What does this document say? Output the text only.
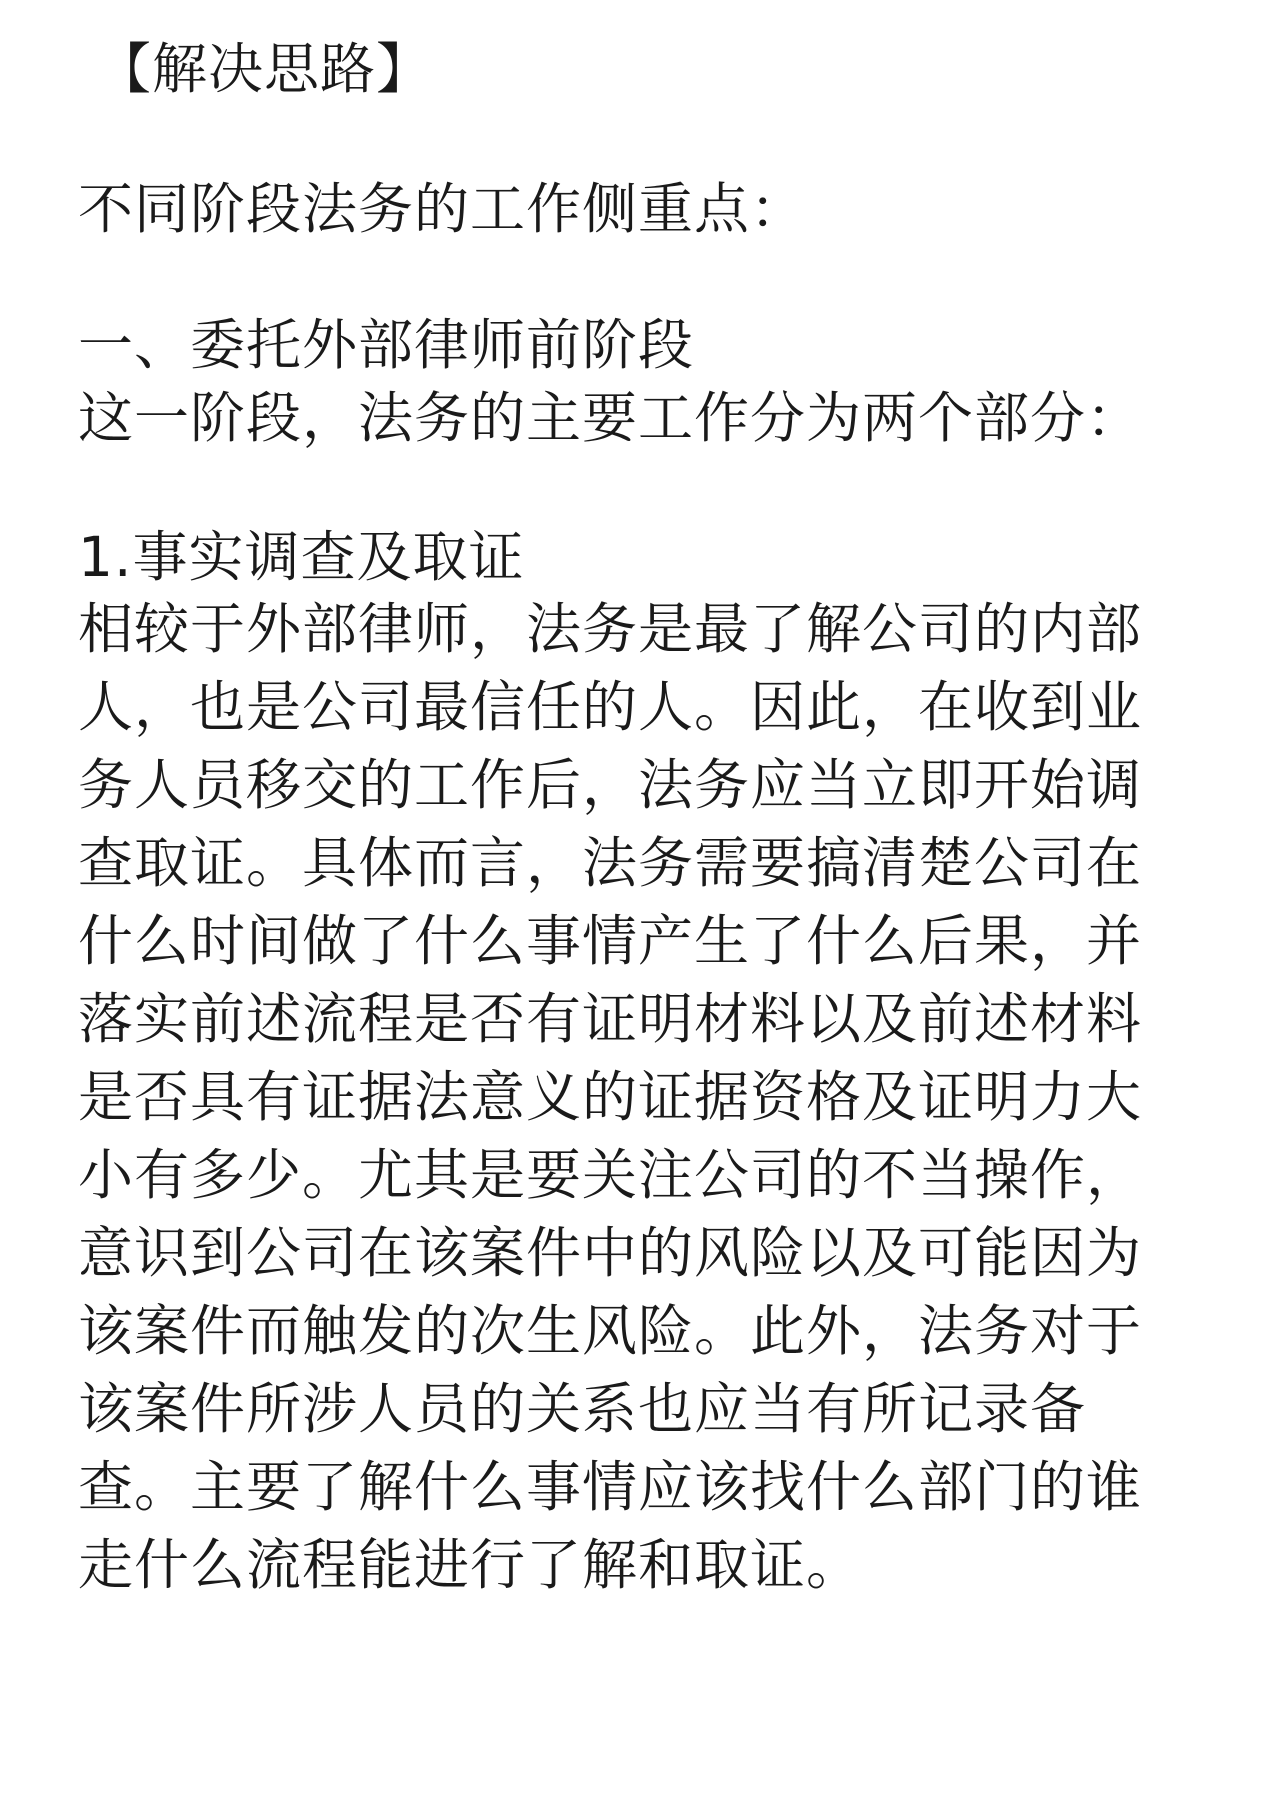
【解决思路】
不同阶段法务的工作侧重点：
一、委托外部律师前阶段
这一阶段，法务的主要工作分为两个部分：
1.事实调查及取证
相较于外部律师，法务是最了解公司的内部
人，也是公司最信任的人。因此，在收到业
务人员移交的工作后，法务应当立即开始调
查取证。具体而言，法务需要搞清楚公司在
什么时间做了什么事情产生了什么后果，并
落实前述流程是否有证明材料以及前述材料
是否具有证据法意义的证据资格及证明力大
小有多少。尤其是要关注公司的不当操作，
意识到公司在该案件中的风险以及可能因为
该案件而触发的次生风险。此外，法务对于
该案件所涉人员的关系也应当有所记录备
查。主要了解什么事情应该找什么部门的谁
走什么流程能进行了解和取证。
